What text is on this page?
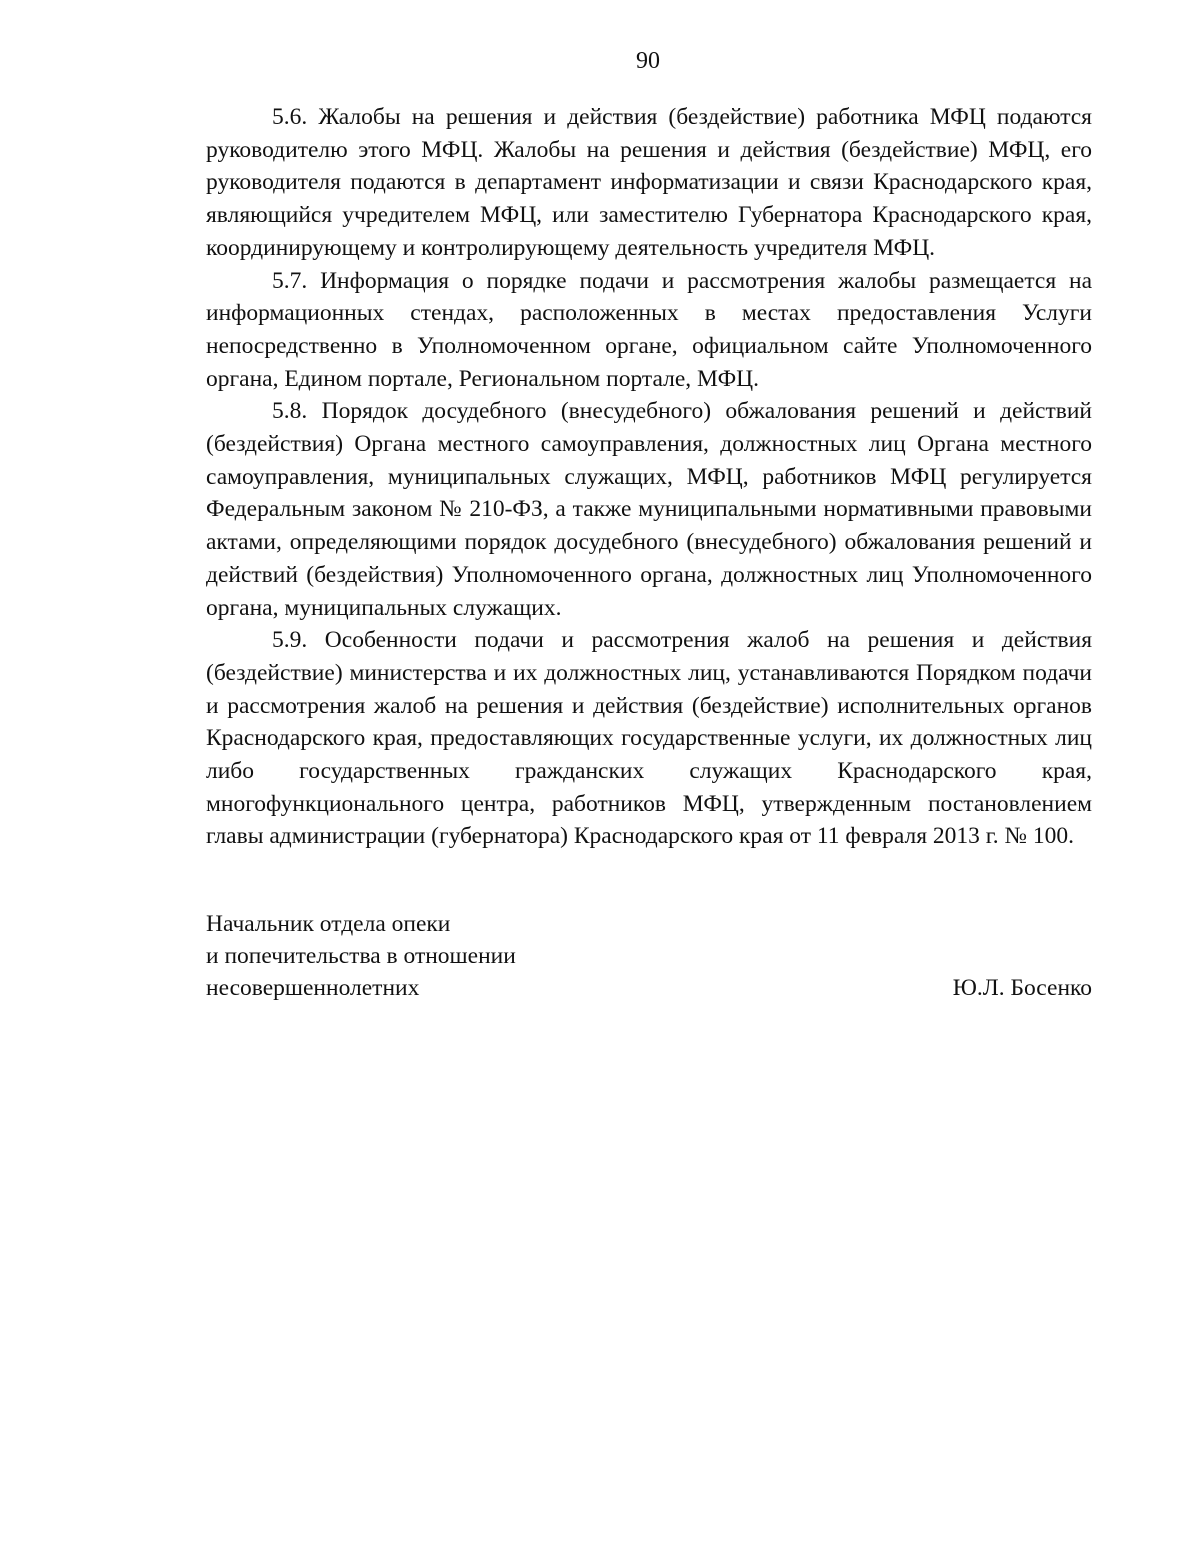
90

5.6. Жалобы на решения и действия (бездействие) работника МФЦ подаются руководителю этого МФЦ. Жалобы на решения и действия (бездействие) МФЦ, его руководителя подаются в департамент информатизации и связи Краснодарского края, являющийся учредителем МФЦ, или заместителю Губернатора Краснодарского края, координирующему и контролирующему деятельность учредителя МФЦ.

5.7. Информация о порядке подачи и рассмотрения жалобы размещается на информационных стендах, расположенных в местах предоставления Услуги непосредственно в Уполномоченном органе, официальном сайте Уполномоченного органа, Едином портале, Региональном портале, МФЦ.

5.8. Порядок досудебного (внесудебного) обжалования решений и действий (бездействия) Органа местного самоуправления, должностных лиц Органа местного самоуправления, муниципальных служащих, МФЦ, работников МФЦ регулируется Федеральным законом № 210-ФЗ, а также муниципальными нормативными правовыми актами, определяющими порядок досудебного (внесудебного) обжалования решений и действий (бездействия) Уполномоченного органа, должностных лиц Уполномоченного органа, муниципальных служащих.

5.9. Особенности подачи и рассмотрения жалоб на решения и действия (бездействие) министерства и их должностных лиц, устанавливаются Порядком подачи и рассмотрения жалоб на решения и действия (бездействие) исполнительных органов Краснодарского края, предоставляющих государственные услуги, их должностных лиц либо государственных гражданских служащих Краснодарского края, многофункционального центра, работников МФЦ, утвержденным постановлением главы администрации (губернатора) Краснодарского края от 11 февраля 2013 г. № 100.

Начальник отдела опеки
и попечительства в отношении
несовершеннолетних	Ю.Л. Босенко
